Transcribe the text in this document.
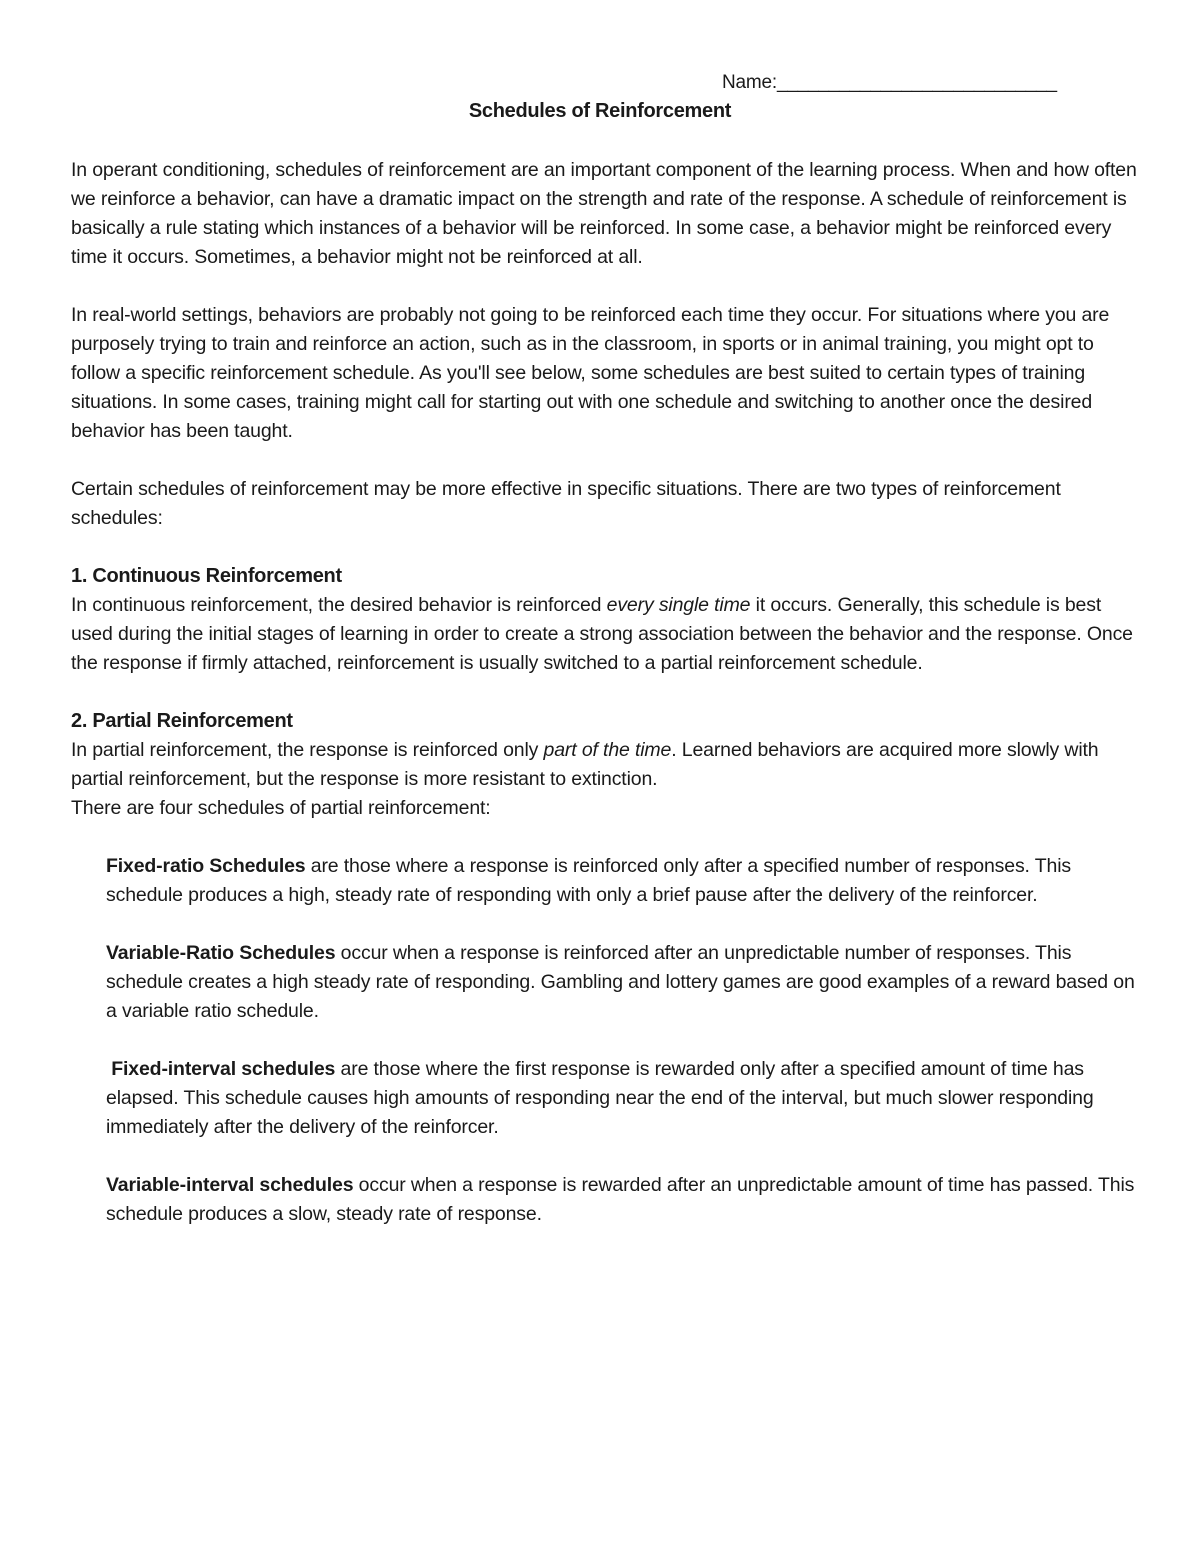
Name:___________________________
Schedules of Reinforcement

In operant conditioning, schedules of reinforcement are an important component of the learning process. When and how often we reinforce a behavior, can have a dramatic impact on the strength and rate of the response. A schedule of reinforcement is basically a rule stating which instances of a behavior will be reinforced. In some case, a behavior might be reinforced every time it occurs. Sometimes, a behavior might not be reinforced at all.

In real-world settings, behaviors are probably not going to be reinforced each time they occur. For situations where you are purposely trying to train and reinforce an action, such as in the classroom, in sports or in animal training, you might opt to follow a specific reinforcement schedule. As you'll see below, some schedules are best suited to certain types of training situations. In some cases, training might call for starting out with one schedule and switching to another once the desired behavior has been taught.

Certain schedules of reinforcement may be more effective in specific situations. There are two types of reinforcement schedules:

1. Continuous Reinforcement

In continuous reinforcement, the desired behavior is reinforced every single time it occurs. Generally, this schedule is best used during the initial stages of learning in order to create a strong association between the behavior and the response. Once the response if firmly attached, reinforcement is usually switched to a partial reinforcement schedule.

2. Partial Reinforcement

In partial reinforcement, the response is reinforced only part of the time. Learned behaviors are acquired more slowly with partial reinforcement, but the response is more resistant to extinction.

There are four schedules of partial reinforcement:

Fixed-ratio Schedules are those where a response is reinforced only after a specified number of responses. This schedule produces a high, steady rate of responding with only a brief pause after the delivery of the reinforcer.

Variable-Ratio Schedules occur when a response is reinforced after an unpredictable number of responses. This schedule creates a high steady rate of responding. Gambling and lottery games are good examples of a reward based on a variable ratio schedule.

Fixed-interval schedules are those where the first response is rewarded only after a specified amount of time has elapsed. This schedule causes high amounts of responding near the end of the interval, but much slower responding immediately after the delivery of the reinforcer.

Variable-interval schedules occur when a response is rewarded after an unpredictable amount of time has passed. This schedule produces a slow, steady rate of response.
